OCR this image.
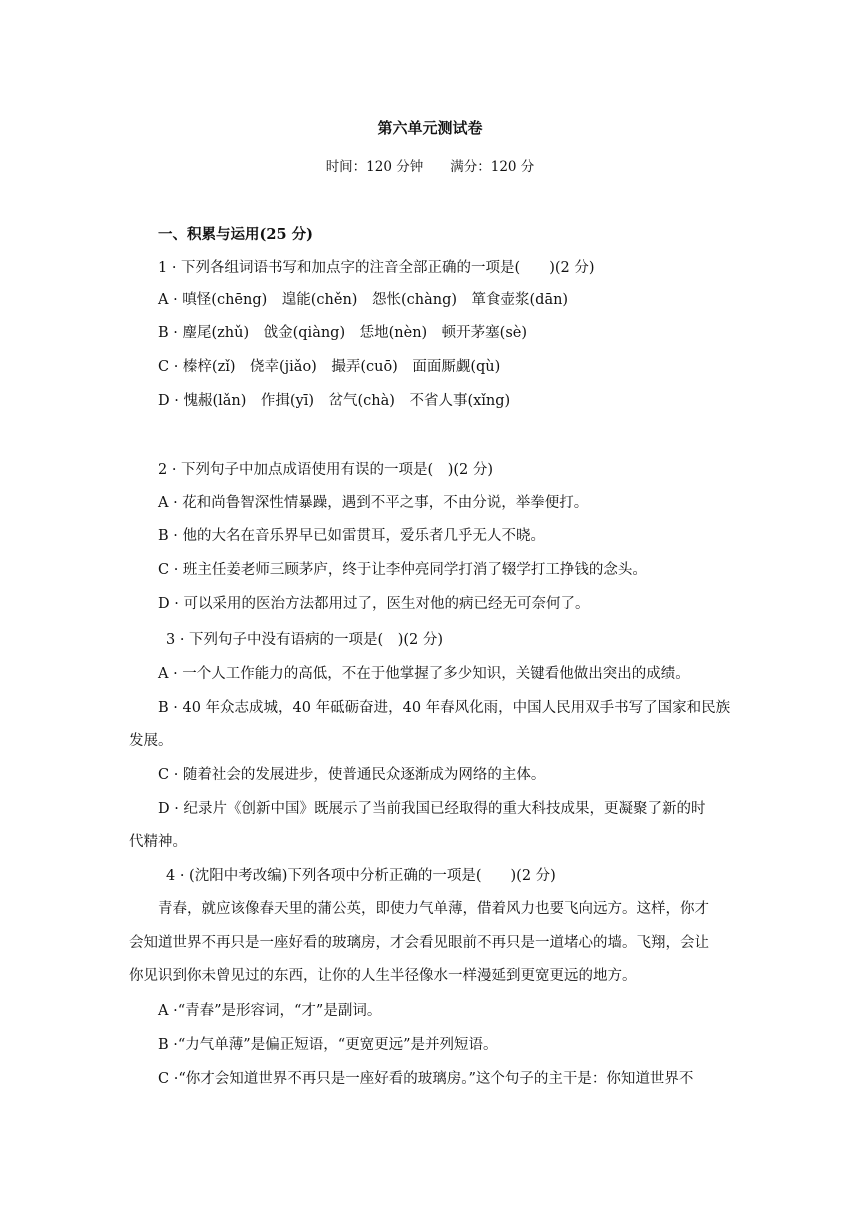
第六单元测试卷
时间：120 分钟　　满分：120 分
一、积累与运用(25 分)
1 · 下列各组词语书写和加点字的注音全部正确的一项是(　　)(2 分)
A · 嗔怪(chēng)　遑能(chěn)　怨怅(chàng)　箪食壶浆(dān)
B · 麈尾(zhǔ)　戗金(qiàng)　恁地(nèn)　顿开茅塞(sè)
C · 榛梓(zǐ)　侥幸(jiǎo)　撮弄(cuō)　面面厮觑(qù)
D · 愧赧(lǎn)　作揖(yī)　岔气(chà)　不省人事(xǐng)
2 · 下列句子中加点成语使用有误的一项是(　)(2 分)
A · 花和尚鲁智深性情暴躁，遇到不平之事，不由分说，举拳便打。
B · 他的大名在音乐界早已如雷贯耳，爱乐者几乎无人不晓。
C · 班主任姜老师三顾茅庐，终于让李仲亮同学打消了辍学打工挣钱的念头。
D · 可以采用的医治方法都用过了，医生对他的病已经无可奈何了。
3 · 下列句子中没有语病的一项是(　)(2 分)
A · 一个人工作能力的高低，不在于他掌握了多少知识，关键看他做出突出的成绩。
B · 40 年众志成城，40 年砥砺奋进，40 年春风化雨，中国人民用双手书写了国家和民族
发展。
C · 随着社会的发展进步，使普通民众逐渐成为网络的主体。
D · 纪录片《创新中国》既展示了当前我国已经取得的重大科技成果，更凝聚了新的时
代精神。
4 · (沈阳中考改编)下列各项中分析正确的一项是(　　)(2 分)
青春，就应该像春天里的蒲公英，即使力气单薄，借着风力也要飞向远方。这样，你才
会知道世界不再只是一座好看的玻璃房，才会看见眼前不再只是一道堵心的墙。飞翔，会让
你见识到你未曾见过的东西，让你的人生半径像水一样漫延到更宽更远的地方。
A ·“青春”是形容词，“才”是副词。
B ·“力气单薄”是偏正短语，“更宽更远”是并列短语。
C ·“你才会知道世界不再只是一座好看的玻璃房。”这个句子的主干是：你知道世界不
